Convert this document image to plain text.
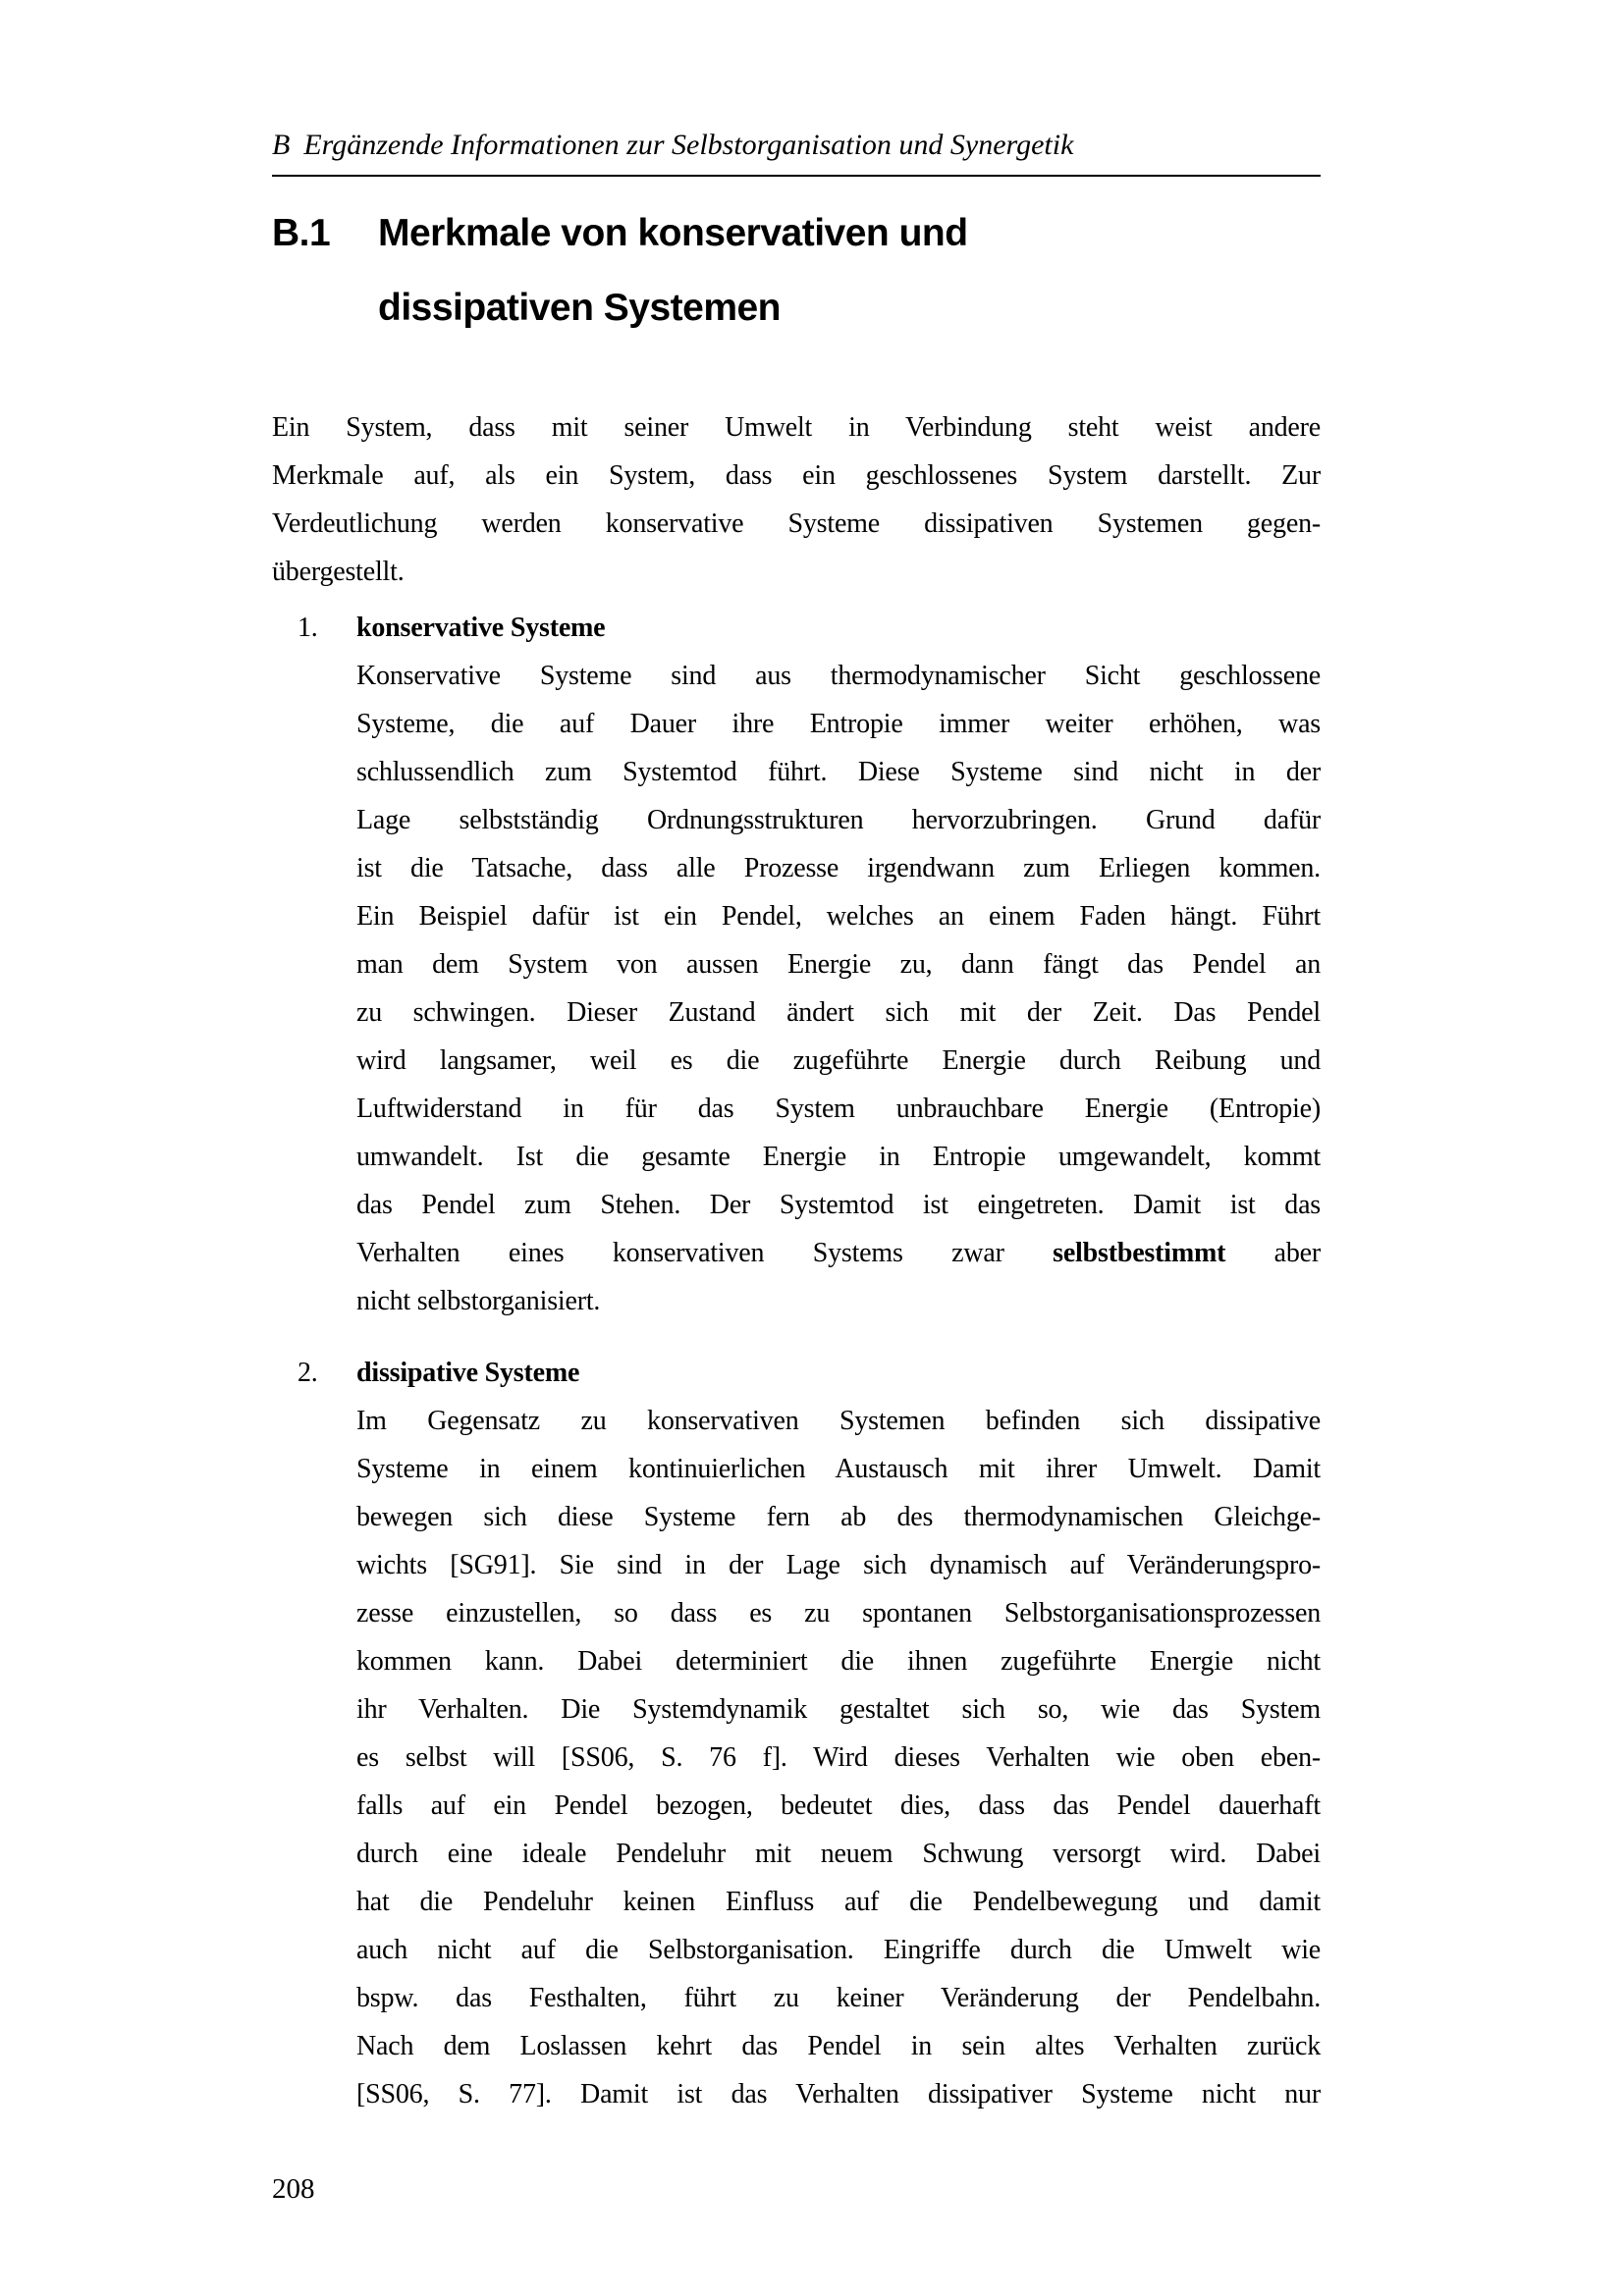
B Ergänzende Informationen zur Selbstorganisation und Synergetik
B.1	Merkmale von konservativen und
dissipativen Systemen
Ein System, dass mit seiner Umwelt in Verbindung steht weist andere
Merkmale auf, als ein System, dass ein geschlossenes System darstellt. Zur
Verdeutlichung werden konservative Systeme dissipativen Systemen gegen-
übergestellt.
1. konservative Systeme
Konservative Systeme sind aus thermodynamischer Sicht geschlossene
Systeme, die auf Dauer ihre Entropie immer weiter erhöhen, was
schlussendlich zum Systemtod führt. Diese Systeme sind nicht in der
Lage selbstständig Ordnungsstrukturen hervorzubringen. Grund dafür
ist die Tatsache, dass alle Prozesse irgendwann zum Erliegen kommen.
Ein Beispiel dafür ist ein Pendel, welches an einem Faden hängt. Führt
man dem System von aussen Energie zu, dann fängt das Pendel an
zu schwingen. Dieser Zustand ändert sich mit der Zeit. Das Pendel
wird langsamer, weil es die zugeführte Energie durch Reibung und
Luftwiderstand in für das System unbrauchbare Energie (Entropie)
umwandelt. Ist die gesamte Energie in Entropie umgewandelt, kommt
das Pendel zum Stehen. Der Systemtod ist eingetreten. Damit ist das
Verhalten eines konservativen Systems zwar selbstbestimmt aber
nicht selbstorganisiert.
2. dissipative Systeme
Im Gegensatz zu konservativen Systemen befinden sich dissipative
Systeme in einem kontinuierlichen Austausch mit ihrer Umwelt. Damit
bewegen sich diese Systeme fern ab des thermodynamischen Gleichge-
wichts [SG91]. Sie sind in der Lage sich dynamisch auf Veränderungspro-
zesse einzustellen, so dass es zu spontanen Selbstorganisationsprozessen
kommen kann. Dabei determiniert die ihnen zugeführte Energie nicht
ihr Verhalten. Die Systemdynamik gestaltet sich so, wie das System
es selbst will [SS06, S. 76 f]. Wird dieses Verhalten wie oben eben-
falls auf ein Pendel bezogen, bedeutet dies, dass das Pendel dauerhaft
durch eine ideale Pendeluhr mit neuem Schwung versorgt wird. Dabei
hat die Pendeluhr keinen Einfluss auf die Pendelbewegung und damit
auch nicht auf die Selbstorganisation. Eingriffe durch die Umwelt wie
bspw. das Festhalten, führt zu keiner Veränderung der Pendelbahn.
Nach dem Loslassen kehrt das Pendel in sein altes Verhalten zurück
[SS06, S. 77]. Damit ist das Verhalten dissipativer Systeme nicht nur
208
